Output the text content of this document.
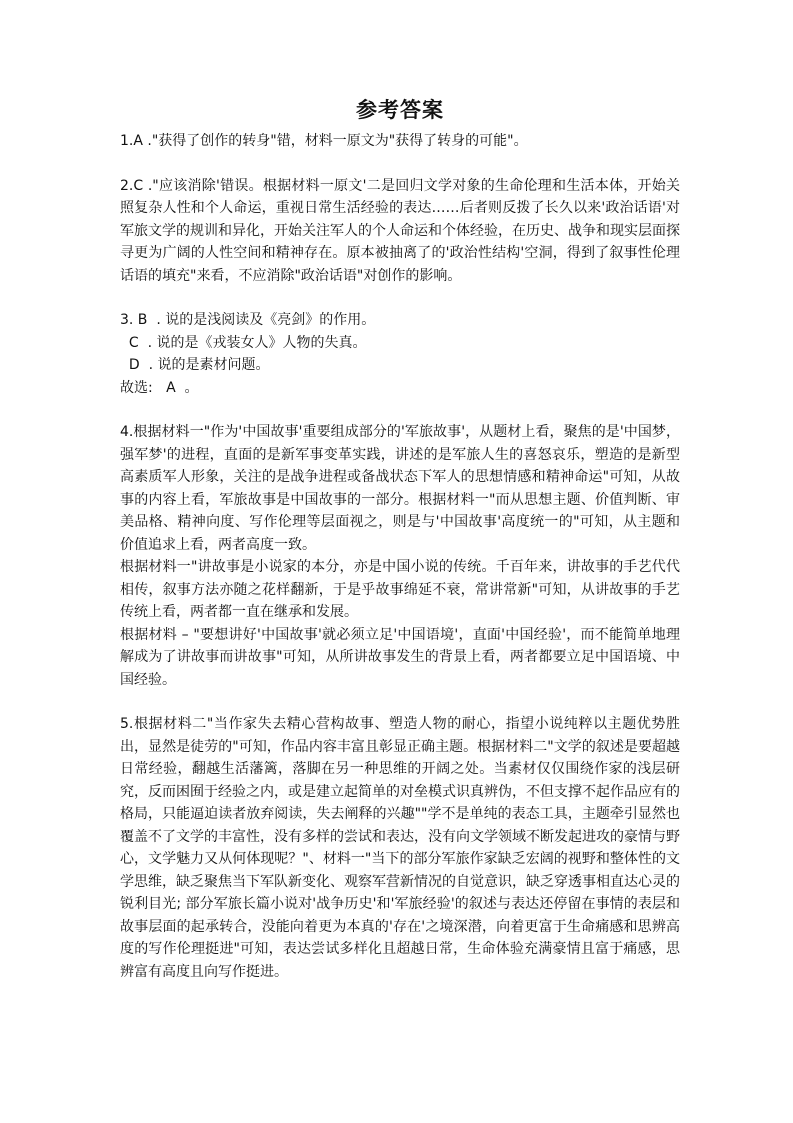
参考答案

1.A ."获得了创作的转身"错，材料一原文为"获得了转身的可能"。

2.C ."应该消除'错误。根据材料一原文'二是回归文学对象的生命伦理和生活本体，开始关照复杂人性和个人命运，重视日常生活经验的表达……后者则反拨了长久以来'政治话语'对军旅文学的规训和异化，开始关注军人的个人命运和个体经验，在历史、战争和现实层面探寻更为广阔的人性空间和精神存在。原本被抽离了的'政治性结构'空洞，得到了叙事性伦理话语的填充"来看，不应消除"政治话语"对创作的影响。

3. B  . 说的是浅阅读及《亮剑》的作用。

C  . 说的是《戎装女人》人物的失真。

D  . 说的是素材问题。

故选:   A  。

4.根据材料一"作为'中国故事'重要组成部分的'军旅故事'，从题材上看，聚焦的是'中国梦，强军梦'的进程，直面的是新军事变革实践，讲述的是军旅人生的喜怒哀乐，塑造的是新型高素质军人形象，关注的是战争进程或备战状态下军人的思想情感和精神命运"可知，从故事的内容上看，军旅故事是中国故事的一部分。根据材料一"而从思想主题、价值判断、审美品格、精神向度、写作伦理等层面视之，则是与'中国故事'高度统一的"可知，从主题和价值追求上看，两者高度一致。

根据材料一"讲故事是小说家的本分，亦是中国小说的传统。千百年来，讲故事的手艺代代相传，叙事方法亦随之花样翻新，于是乎故事绵延不衰，常讲常新"可知，从讲故事的手艺传统上看，两者都一直在继承和发展。

根据材料 – "要想讲好'中国故事'就必须立足'中国语境'，直面'中国经验'，而不能简单地理解成为了讲故事而讲故事"可知，从所讲故事发生的背景上看，两者都要立足中国语境、中国经验。

5.根据材料二"当作家失去精心营构故事、塑造人物的耐心，指望小说纯粹以主题优势胜出，显然是徒劳的"可知，作品内容丰富且彰显正确主题。根据材料二"文学的叙述是要超越日常经验，翻越生活藩篱，落脚在另一种思维的开阔之处。当素材仅仅围绕作家的浅层研究，反而困囿于经验之内，或是建立起简单的对垒模式识真辨伪，不但支撑不起作品应有的格局，只能逼迫读者放弃阅读，失去阐释的兴趣""学不是单纯的表态工具，主题牵引显然也覆盖不了文学的丰富性，没有多样的尝试和表达，没有向文学领域不断发起进攻的豪情与野心，文学魅力又从何体现呢？"、材料一"当下的部分军旅作家缺乏宏阔的视野和整体性的文学思维，缺乏聚焦当下军队新变化、观察军营新情况的自觉意识，缺乏穿透事相直达心灵的锐利目光; 部分军旅长篇小说对'战争历史'和'军旅经验'的叙述与表达还停留在事情的表层和故事层面的起承转合，没能向着更为本真的'存在'之境深潜，向着更富于生命痛感和思辨高度的写作伦理挺进"可知，表达尝试多样化且超越日常，生命体验充满豪情且富于痛感，思辨富有高度且向写作挺进。
